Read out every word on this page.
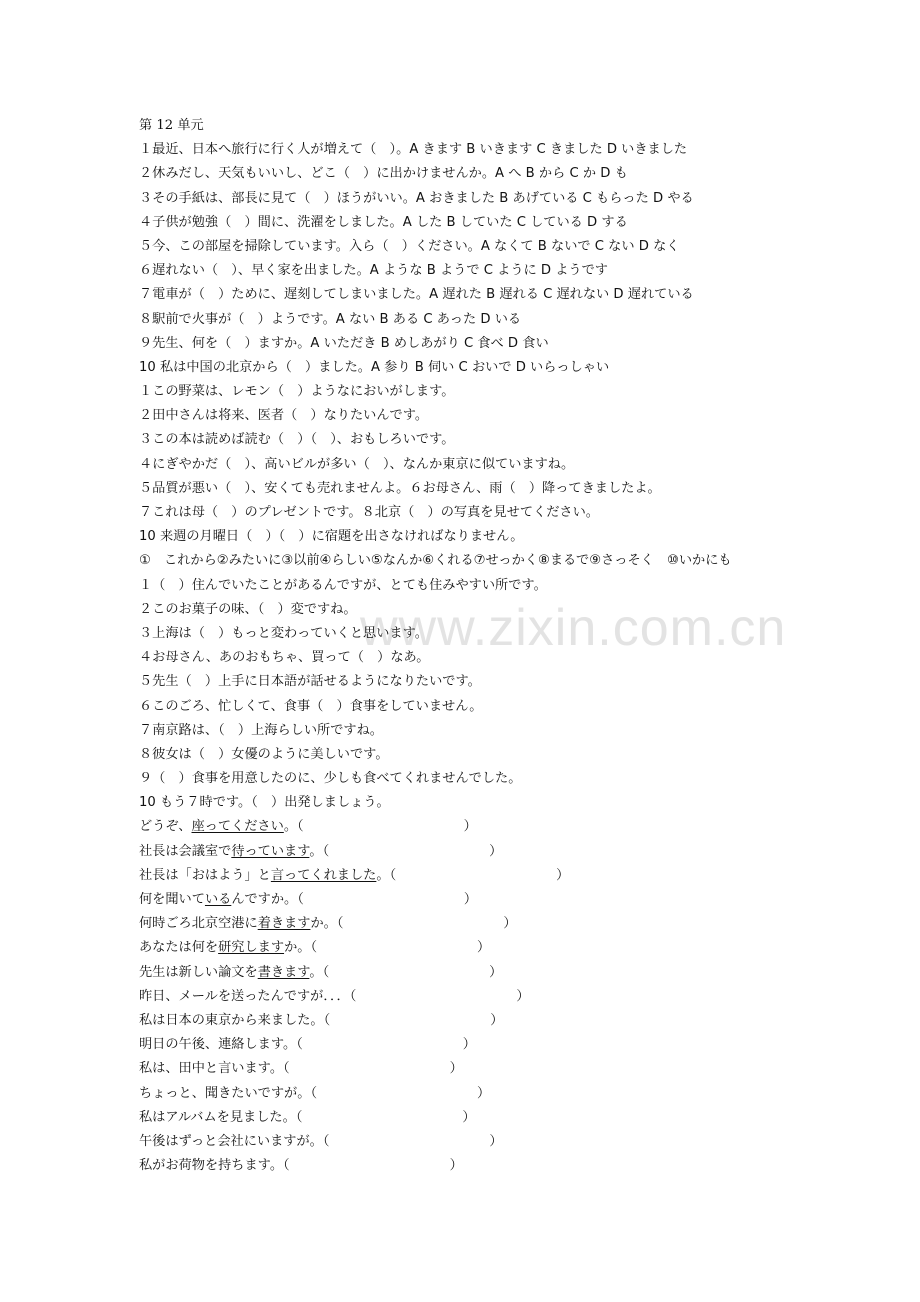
www.zixin.com.cn
第 12 单元
１最近、日本へ旅行に行く人が増えて（　）。A きます B いきます C きました D いきました
２休みだし、天気もいいし、どこ（　）に出かけませんか。A へ B から C か D も
３その手紙は、部長に見て（　）ほうがいい。A おきました B あげている C もらった D やる
４子供が勉強（　）間に、洗濯をしました。A した B していた C している D する
５今、この部屋を掃除しています。入ら（　）ください。A なくて B ないで C ない D なく
６遅れない（　）、早く家を出ました。A ような B ようで C ように D ようです
７電車が（　）ために、遅刻してしまいました。A 遅れた B 遅れる C 遅れない D 遅れている
８駅前で火事が（　）ようです。A ない B ある C あった D いる
９先生、何を（　）ますか。A いただき B めしあがり C 食べ D 食い
10 私は中国の北京から（　）ました。A 参り B 伺い C おいで D いらっしゃい
１この野菜は、レモン（　）ようなにおいがします。
２田中さんは将来、医者（　）なりたいんです。
３この本は読めば読む（　）（　）、おもしろいです。
４にぎやかだ（　）、高いビルが多い（　）、なんか東京に似ていますね。
５品質が悪い（　）、安くても売れませんよ。６お母さん、雨（　）降ってきましたよ。
７これは母（　）のプレゼントです。８北京（　）の写真を見せてください。
10 来週の月曜日（　）（　）に宿題を出さなければなりません。
①　これから②みたいに③以前④らしい⑤なんか⑥くれる⑦せっかく⑧まるで⑨さっそく　⑩いかにも
１（　）住んでいたことがあるんですが、とても住みやすい所です。
２このお菓子の味、（　）変ですね。
３上海は（　）もっと変わっていくと思います。
４お母さん、あのおもちゃ、買って（　）なあ。
５先生（　）上手に日本語が話せるようになりたいです。
６このごろ、忙しくて、食事（　）食事をしていません。
７南京路は、（　）上海らしい所ですね。
８彼女は（　）女優のように美しいです。
９（　）食事を用意したのに、少しも食べてくれませんでした。
10 もう７時です。（　）出発しましょう。
どうぞ、座ってください。（	）
社長は会議室で待っています。（	）
社長は「おはよう」と言ってくれました。（	）
何を聞いているんですか。（	）
何時ごろ北京空港に着きますか。（	）
あなたは何を研究しますか。（	）
先生は新しい論文を書きます。（	）
昨日、メールを送ったんですが．．．（	）
私は日本の東京から来ました。（	）
明日の午後、連絡します。（	）
私は、田中と言います。（	）
ちょっと、聞きたいですが。（	）
私はアルバムを見ました。（	）
午後はずっと会社にいますが。（	）
私がお荷物を持ちます。（	）
